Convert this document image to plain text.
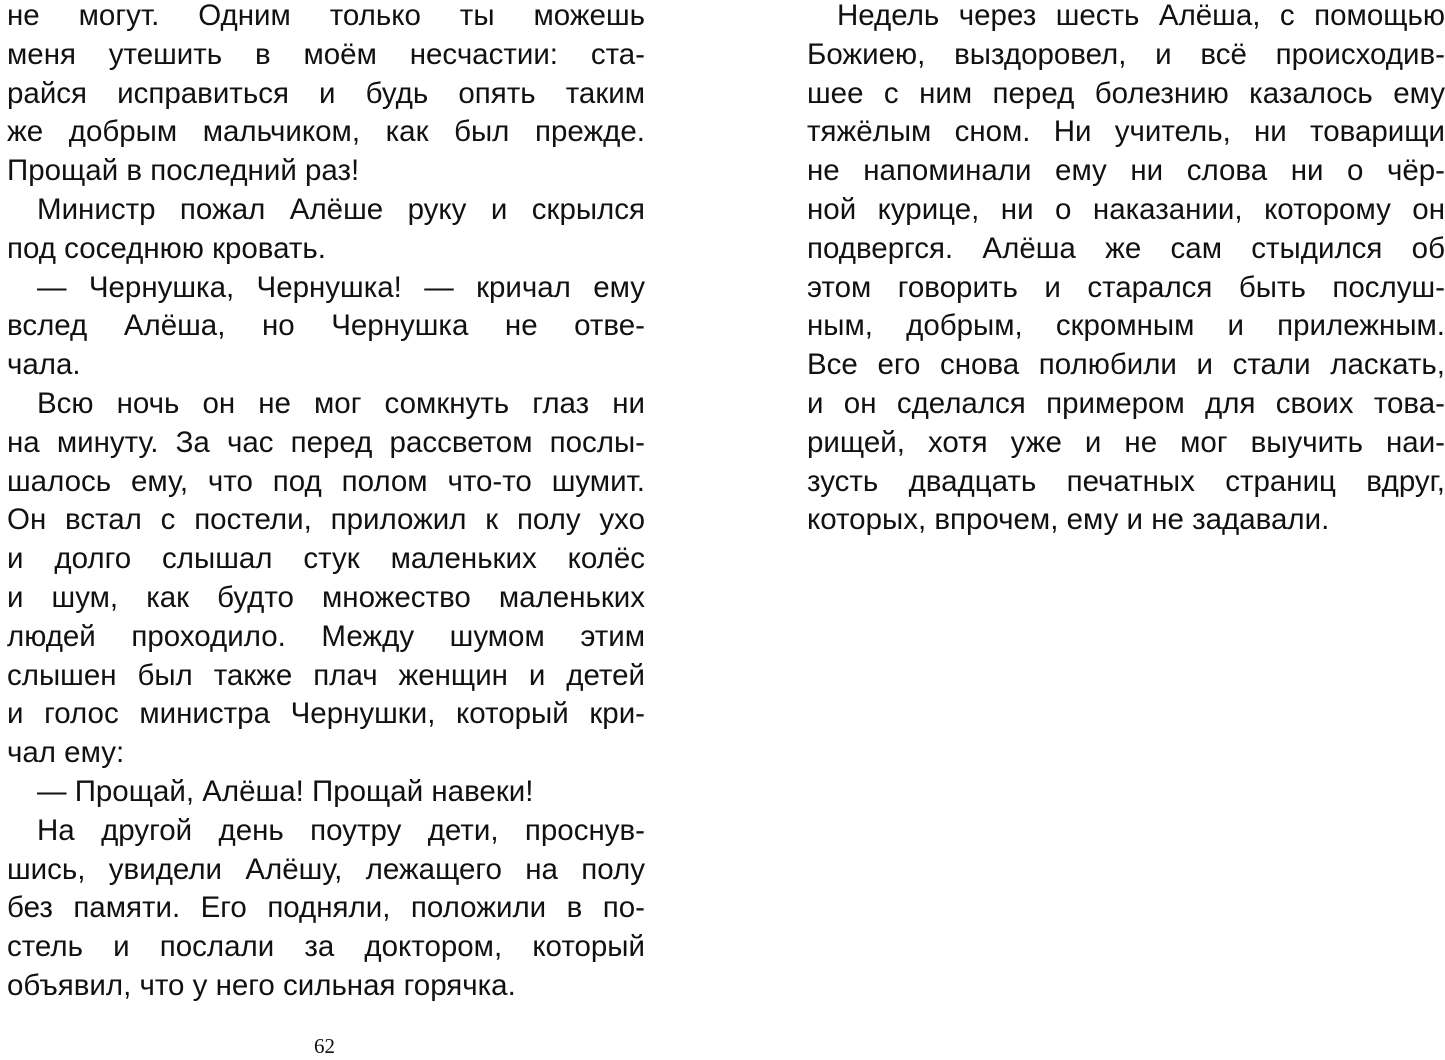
не могут. Одним только ты можешь
меня утешить в моём несчастии: ста-
райся исправиться и будь опять таким
же добрым мальчиком, как был прежде.
Прощай в последний раз!
Министр пожал Алёше руку и скрылся
под соседнюю кровать.
— Чернушка, Чернушка! — кричал ему
вслед Алёша, но Чернушка не отве-
чала.
Всю ночь он не мог сомкнуть глаз ни
на минуту. За час перед рассветом послы-
шалось ему, что под полом что-то шумит.
Он встал с постели, приложил к полу ухо
и долго слышал стук маленьких колёс
и шум, как будто множество маленьких
людей проходило. Между шумом этим
слышен был также плач женщин и детей
и голос министра Чернушки, который кри-
чал ему:
— Прощай, Алёша! Прощай навеки!
На другой день поутру дети, проснув-
шись, увидели Алёшу, лежащего на полу
без памяти. Его подняли, положили в по-
стель и послали за доктором, который
объявил, что у него сильная горячка.
Недель через шесть Алёша, с помощью
Божиею, выздоровел, и всё происходив-
шее с ним перед болезнию казалось ему
тяжёлым сном. Ни учитель, ни товарищи
не напоминали ему ни слова ни о чёр-
ной курице, ни о наказании, которому он
подвергся. Алёша же сам стыдился об
этом говорить и старался быть послуш-
ным, добрым, скромным и прилежным.
Все его снова полюбили и стали ласкать,
и он сделался примером для своих това-
рищей, хотя уже и не мог выучить наи-
зусть двадцать печатных страниц вдруг,
которых, впрочем, ему и не задавали.
62
